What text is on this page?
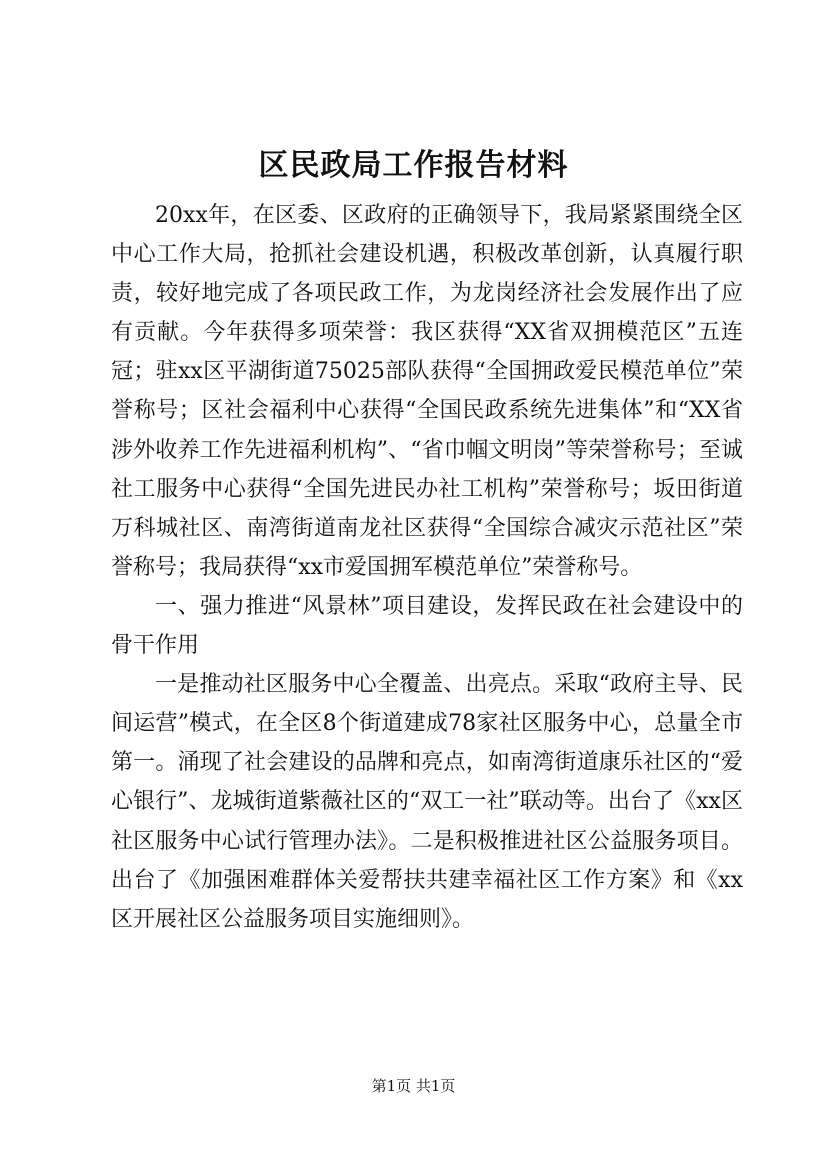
区民政局工作报告材料

20xx年，在区委、区政府的正确领导下，我局紧紧围绕全区中心工作大局，抢抓社会建设机遇，积极改革创新，认真履行职责，较好地完成了各项民政工作，为龙岗经济社会发展作出了应有贡献。今年获得多项荣誉：我区获得“XX省双拥模范区”五连冠；驻xx区平湖街道75025部队获得“全国拥政爱民模范单位”荣誉称号；区社会福利中心获得“全国民政系统先进集体”和“XX省涉外收养工作先进福利机构”、“省巾帼文明岗”等荣誉称号；至诚社工服务中心获得“全国先进民办社工机构”荣誉称号；坂田街道万科城社区、南湾街道南龙社区获得“全国综合减灾示范社区”荣誉称号；我局获得“xx市爱国拥军模范单位”荣誉称号。

一、强力推进“风景林”项目建设，发挥民政在社会建设中的骨干作用

一是推动社区服务中心全覆盖、出亮点。采取“政府主导、民间运营”模式，在全区8个街道建成78家社区服务中心，总量全市第一。涌现了社会建设的品牌和亮点，如南湾街道康乐社区的“爱心银行”、龙城街道紫薇社区的“双工一社”联动等。出台了《xx区社区服务中心试行管理办法》。二是积极推进社区公益服务项目。出台了《加强困难群体关爱帮扶共建幸福社区工作方案》和《xx区开展社区公益服务项目实施细则》。

第1页 共1页
